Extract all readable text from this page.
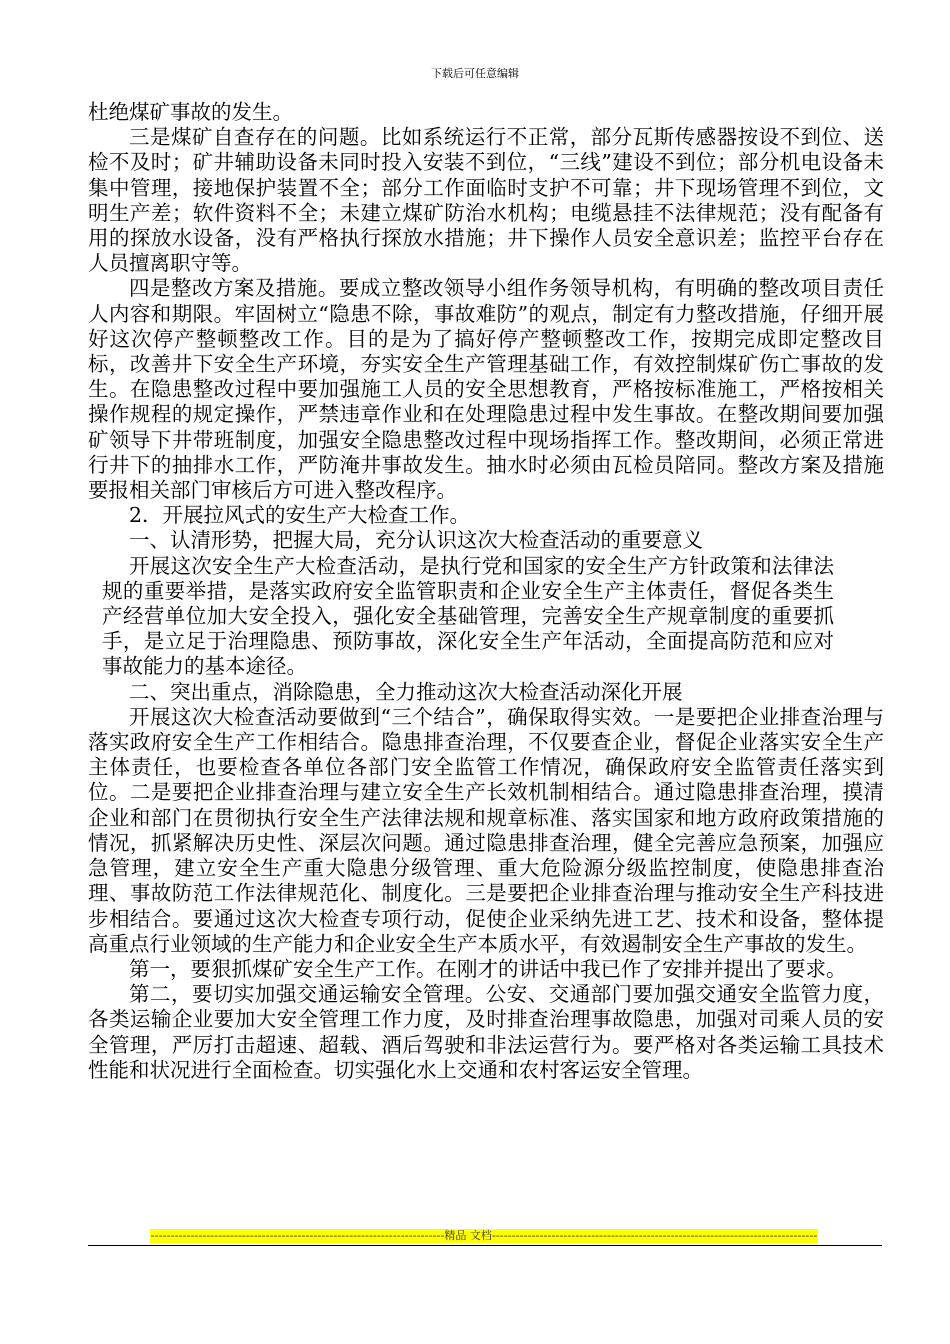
下载后可任意编辑

杜绝煤矿事故的发生。

三是煤矿自查存在的问题。比如系统运行不正常，部分瓦斯传感器按设不到位、送检不及时；矿井辅助设备未同时投入安装不到位，“三线”建设不到位；部分机电设备未集中管理，接地保护装置不全；部分工作面临时支护不可靠；井下现场管理不到位，文明生产差；软件资料不全；未建立煤矿防治水机构；电缆悬挂不法律规范；没有配备有用的探放水设备，没有严格执行探放水措施；井下操作人员安全意识差；监控平台存在人员擅离职守等。

四是整改方案及措施。要成立整改领导小组作务领导机构，有明确的整改项目责任人内容和期限。牢固树立“隐患不除，事故难防”的观点，制定有力整改措施，仔细开展好这次停产整顿整改工作。目的是为了搞好停产整顿整改工作，按期完成即定整改目标，改善井下安全生产环境，夯实安全生产管理基础工作，有效控制煤矿伤亡事故的发生。在隐患整改过程中要加强施工人员的安全思想教育，严格按标准施工，严格按相关操作规程的规定操作，严禁违章作业和在处理隐患过程中发生事故。在整改期间要加强矿领导下井带班制度，加强安全隐患整改过程中现场指挥工作。整改期间，必须正常进行井下的抽排水工作，严防淹井事故发生。抽水时必须由瓦检员陪同。整改方案及措施要报相关部门审核后方可进入整改程序。

2．开展拉风式的安生产大检查工作。

一、认清形势，把握大局，充分认识这次大检查活动的重要意义

开展这次安全生产大检查活动，是执行党和国家的安全生产方针政策和法律法规的重要举措，是落实政府安全监管职责和企业安全生产主体责任，督促各类生产经营单位加大安全投入，强化安全基础管理，完善安全生产规章制度的重要抓手，是立足于治理隐患、预防事故，深化安全生产年活动，全面提高防范和应对事故能力的基本途径。

二、突出重点，消除隐患，全力推动这次大检查活动深化开展

开展这次大检查活动要做到“三个结合”，确保取得实效。一是要把企业排查治理与落实政府安全生产工作相结合。隐患排查治理，不仅要查企业，督促企业落实安全生产主体责任，也要检查各单位各部门安全监管工作情况，确保政府安全监管责任落实到位。二是要把企业排查治理与建立安全生产长效机制相结合。通过隐患排查治理，摸清企业和部门在贯彻执行安全生产法律法规和规章标准、落实国家和地方政府政策措施的情况，抓紧解决历史性、深层次问题。通过隐患排查治理，健全完善应急预案，加强应急管理，建立安全生产重大隐患分级管理、重大危险源分级监控制度，使隐患排查治理、事故防范工作法律规范化、制度化。三是要把企业排查治理与推动安全生产科技进步相结合。要通过这次大检查专项行动，促使企业采纳先进工艺、技术和设备，整体提高重点行业领域的生产能力和企业安全生产本质水平，有效遏制安全生产事故的发生。

第一，要狠抓煤矿安全生产工作。在刚才的讲话中我已作了安排并提出了要求。

第二，要切实加强交通运输安全管理。公安、交通部门要加强交通安全监管力度，各类运输企业要加大安全管理工作力度，及时排查治理事故隐患，加强对司乘人员的安全管理，严厉打击超速、超载、酒后驾驶和非法运营行为。要严格对各类运输工具技术性能和状况进行全面检查。切实强化水上交通和农村客运安全管理。

--------------------------------------------------------------------------精品 文档----------------------------------------------------------------------------------
